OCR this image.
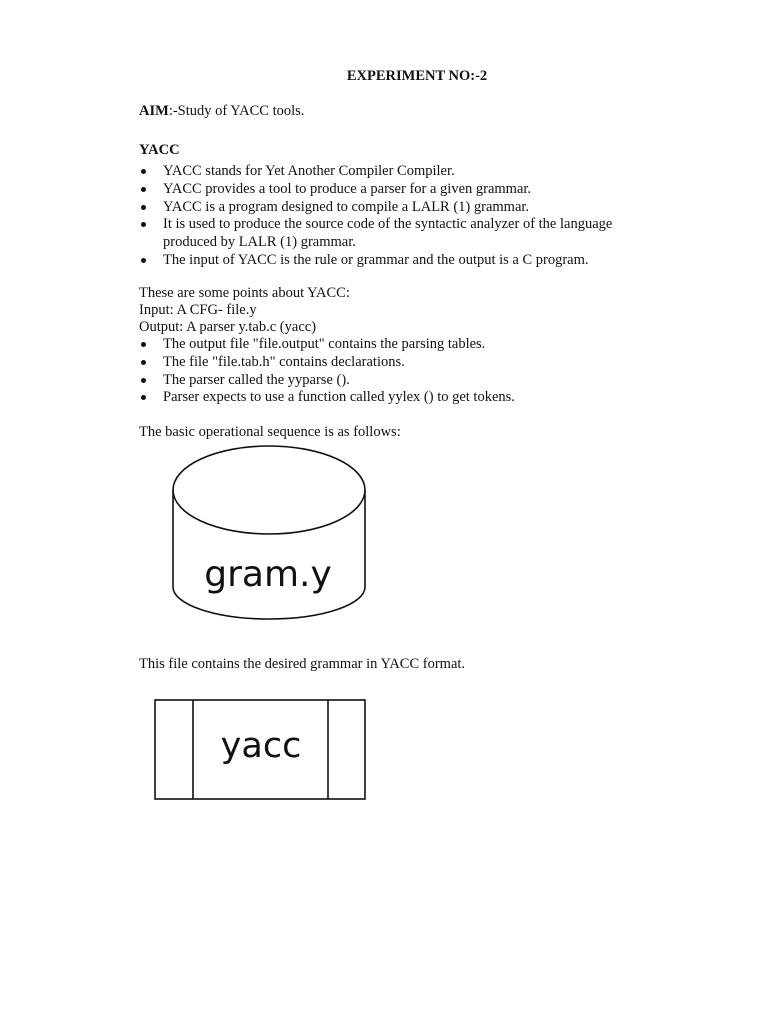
EXPERIMENT NO:-2

AIM:-Study of YACC tools.

YACC

YACC stands for Yet Another Compiler Compiler.
YACC provides a tool to produce a parser for a given grammar.
YACC is a program designed to compile a LALR (1) grammar.
It is used to produce the source code of the syntactic analyzer of the language produced by LALR (1) grammar.
The input of YACC is the rule or grammar and the output is a C program.

These are some points about YACC:

Input: A CFG- file.y

Output: A parser y.tab.c (yacc)

The output file "file.output" contains the parsing tables.
The file "file.tab.h" contains declarations.
The parser called the yyparse ().
Parser expects to use a function called yylex () to get tokens.

The basic operational sequence is as follows:

gram.y

This file contains the desired grammar in YACC format.

yacc
